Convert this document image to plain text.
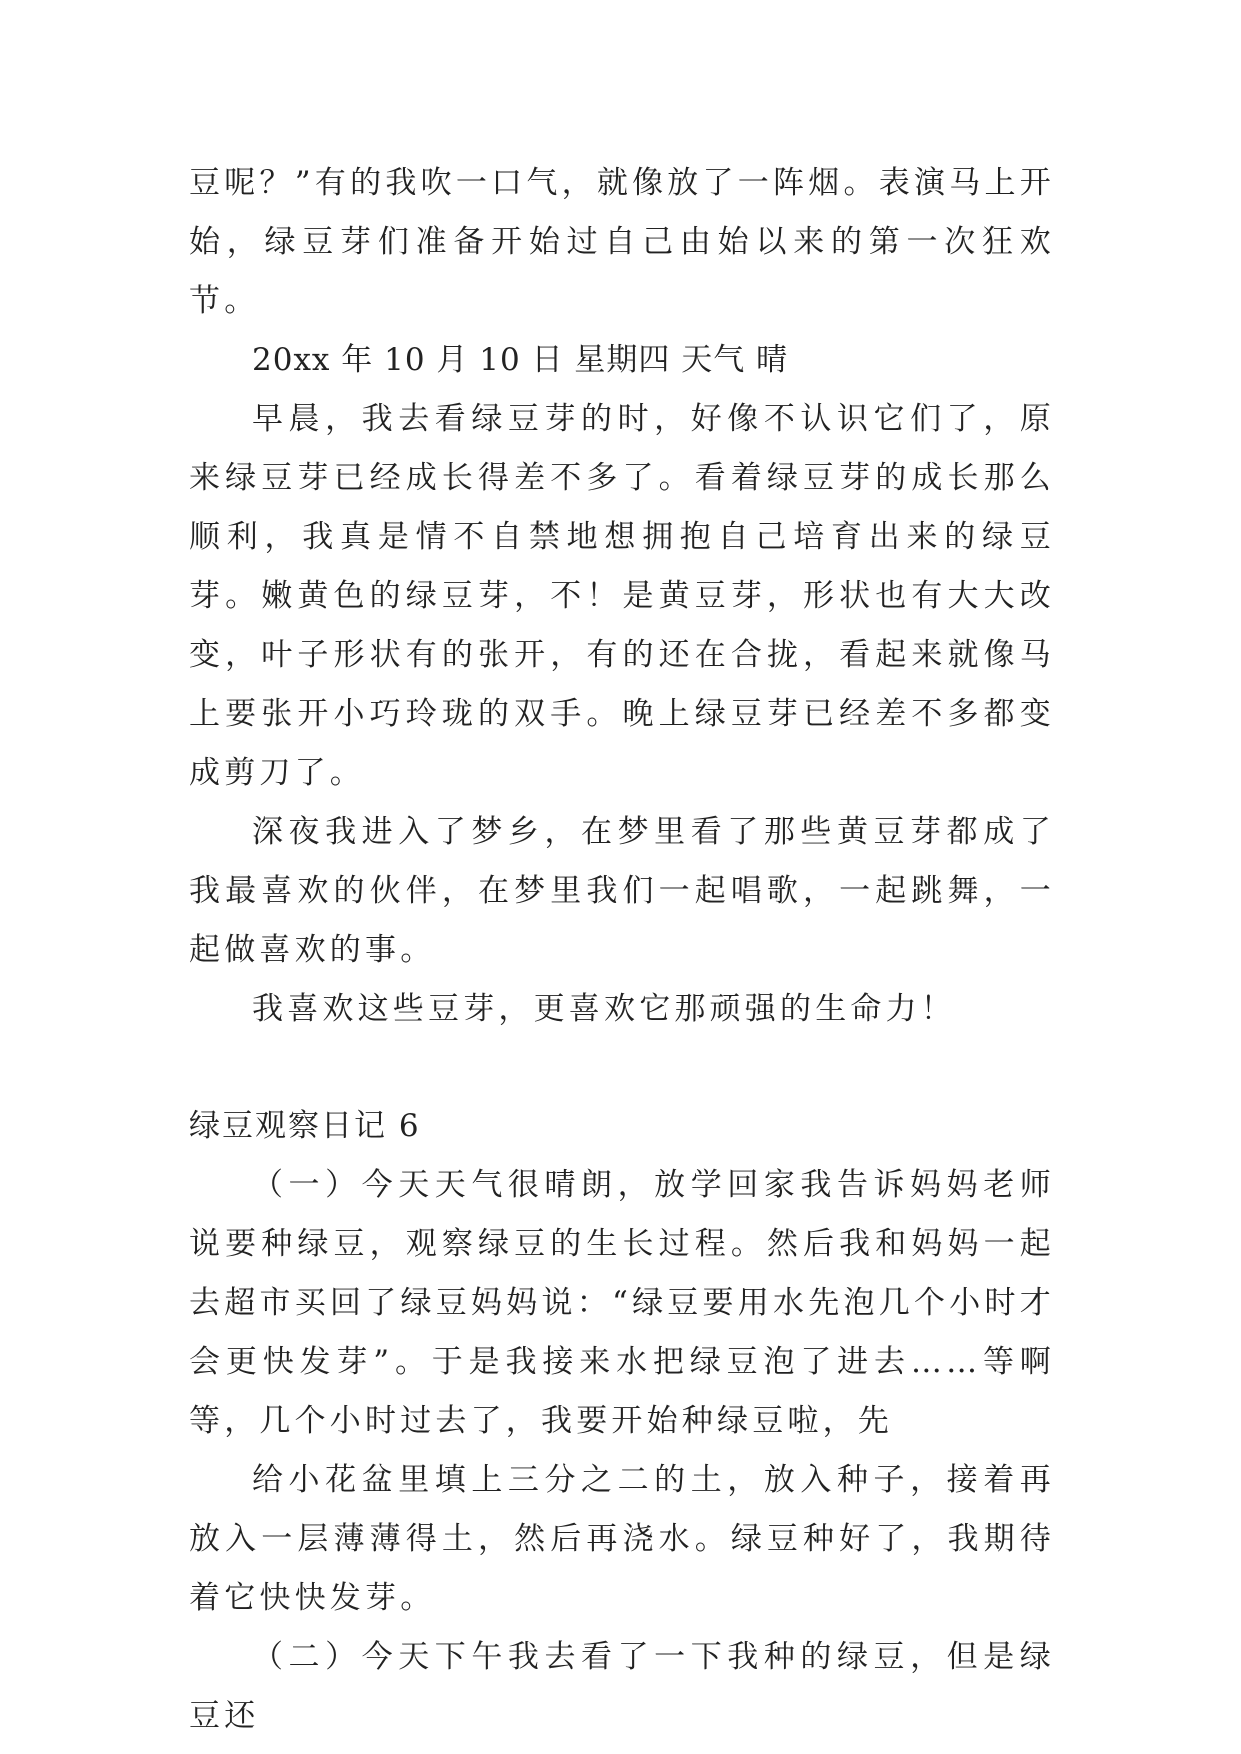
豆呢？”有的我吹一口气，就像放了一阵烟。表演马上开始，绿豆芽们准备开始过自己由始以来的第一次狂欢节。

20xx 年 10 月 10 日 星期四 天气 晴

早晨，我去看绿豆芽的时，好像不认识它们了，原来绿豆芽已经成长得差不多了。看着绿豆芽的成长那么顺利，我真是情不自禁地想拥抱自己培育出来的绿豆芽。嫩黄色的绿豆芽，不！是黄豆芽，形状也有大大改变，叶子形状有的张开，有的还在合拢，看起来就像马上要张开小巧玲珑的双手。晚上绿豆芽已经差不多都变成剪刀了。

深夜我进入了梦乡，在梦里看了那些黄豆芽都成了我最喜欢的伙伴，在梦里我们一起唱歌，一起跳舞，一起做喜欢的事。

我喜欢这些豆芽，更喜欢它那顽强的生命力！

绿豆观察日记 6

（一）今天天气很晴朗，放学回家我告诉妈妈老师说要种绿豆，观察绿豆的生长过程。然后我和妈妈一起去超市买回了绿豆妈妈说：“绿豆要用水先泡几个小时才会更快发芽”。于是我接来水把绿豆泡了进去……等啊等，几个小时过去了，我要开始种绿豆啦，先

给小花盆里填上三分之二的土，放入种子，接着再放入一层薄薄得土，然后再浇水。绿豆种好了，我期待着它快快发芽。

（二）今天下午我去看了一下我种的绿豆，但是绿豆还
